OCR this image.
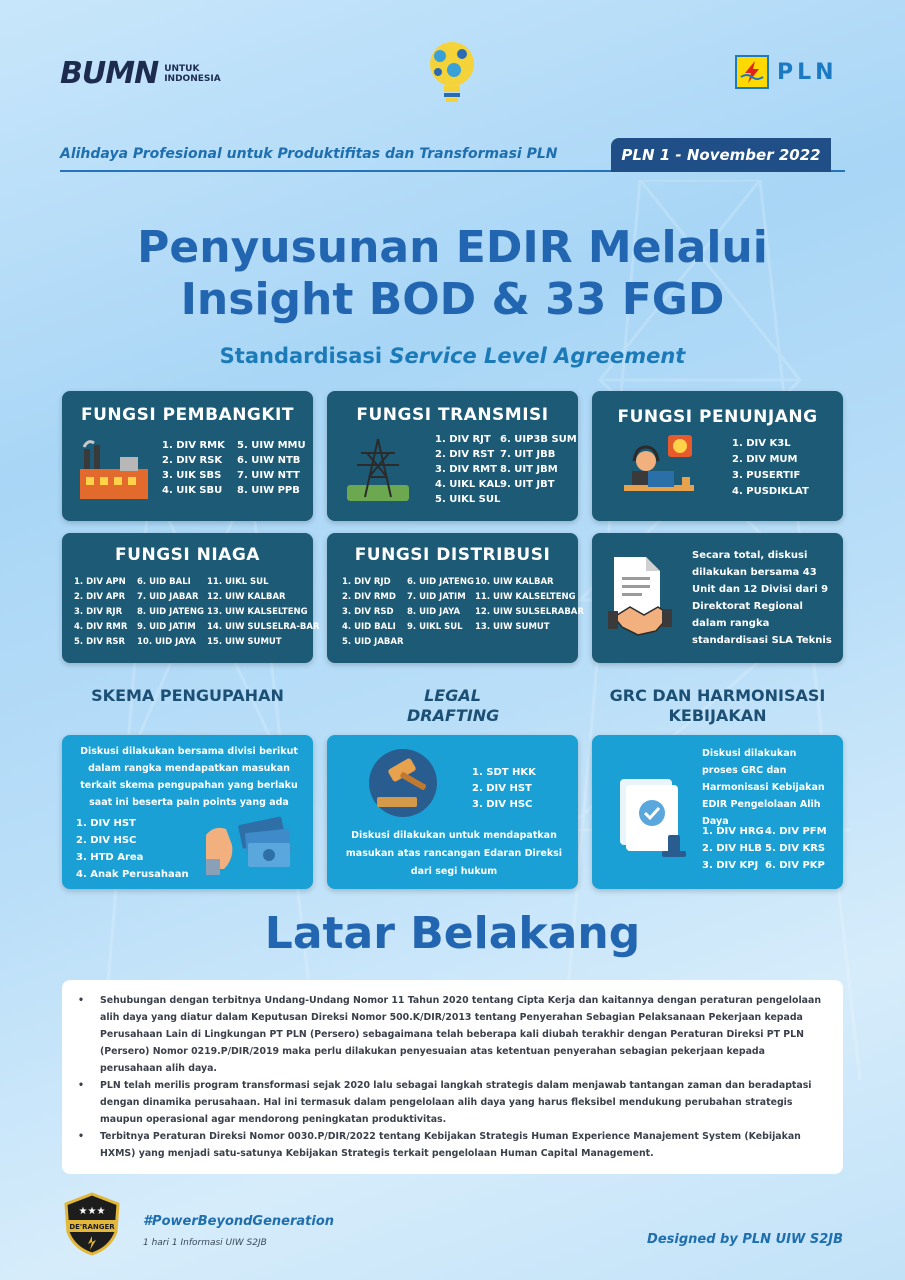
BUMN UNTUK INDONESIA	PLN
Alihdaya Profesional untuk Produktifitas dan Transformasi PLN	PLN 1 - November 2022
Penyusunan EDIR Melalui
Insight BOD & 33 FGD
Standardisasi Service Level Agreement
FUNGSI PEMBANGKIT
1. DIV RMK
2. DIV RSK
3. UIK SBS
4. UIK SBU
5. UIW MMU
6. UIW NTB
7. UIW NTT
8. UIW PPB
FUNGSI TRANSMISI
1. DIV RJT
2. DIV RST
3. DIV RMT
4. UIKL KAL
5. UIKL SUL
6. UIP3B SUM
7. UIT JBB
8. UIT JBM
9. UIT JBT
FUNGSI PENUNJANG
1. DIV K3L
2. DIV MUM
3. PUSERTIF
4. PUSDIKLAT
FUNGSI NIAGA
1. DIV APN
2. DIV APR
3. DIV RJR
4. DIV RMR
5. DIV RSR
6. UID BALI
7. UID JABAR
8. UID JATENG
9. UID JATIM
10. UID JAYA
11. UIKL SUL
12. UIW KALBAR
13. UIW KALSELTENG
14. UIW SULSELRA-BAR
15. UIW SUMUT
FUNGSI DISTRIBUSI
1. DIV RJD
2. DIV RMD
3. DIV RSD
4. UID BALI
5. UID JABAR
6. UID JATENG
7. UID JATIM
8. UID JAYA
9. UIKL SUL
10. UIW KALBAR
11. UIW KALSELTENG
12. UIW SULSELRABAR
13. UIW SUMUT
Secara total, diskusi dilakukan bersama 43 Unit dan 12 Divisi dari 9 Direktorat Regional dalam rangka standardisasi SLA Teknis
SKEMA PENGUPAHAN	LEGAL DRAFTING
GRC DAN HARMONISASI KEBIJAKAN
Diskusi dilakukan bersama divisi berikut dalam rangka mendapatkan masukan terkait skema pengupahan yang berlaku saat ini beserta pain points yang ada
1. DIV HST
2. DIV HSC
3. HTD Area
4. Anak Perusahaan
1. SDT HKK
2. DIV HST
3. DIV HSC
Diskusi dilakukan untuk mendapatkan masukan atas rancangan Edaran Direksi dari segi hukum
Diskusi dilakukan proses GRC dan Harmonisasi Kebijakan EDIR Pengelolaan Alih Daya
1. DIV HRG
2. DIV HLB
3. DIV KPJ
4. DIV PFM
5. DIV KRS
6. DIV PKP
Latar Belakang
• Sehubungan dengan terbitnya Undang-Undang Nomor 11 Tahun 2020 tentang Cipta Kerja dan kaitannya dengan peraturan pengelolaan alih daya yang diatur dalam Keputusan Direksi Nomor 500.K/DIR/2013 tentang Penyerahan Sebagian Pelaksanaan Pekerjaan kepada Perusahaan Lain di Lingkungan PT PLN (Persero) sebagaimana telah beberapa kali diubah terakhir dengan Peraturan Direksi PT PLN (Persero) Nomor 0219.P/DIR/2019 maka perlu dilakukan penyesuaian atas ketentuan penyerahan sebagian pekerjaan kepada perusahaan alih daya.
• PLN telah merilis program transformasi sejak 2020 lalu sebagai langkah strategis dalam menjawab tantangan zaman dan beradaptasi dengan dinamika perusahaan. Hal ini termasuk dalam pengelolaan alih daya yang harus fleksibel mendukung perubahan strategis maupun operasional agar mendorong peningkatan produktivitas.
• Terbitnya Peraturan Direksi Nomor 0030.P/DIR/2022 tentang Kebijakan Strategis Human Experience Manajement System (Kebijakan HXMS) yang menjadi satu-satunya Kebijakan Strategis terkait pengelolaan Human Capital Management.
★★★
DE'RANGER #PowerBeyondGeneration
1 hari 1 Informasi UIW S2JB	Designed by PLN UIW S2JB
